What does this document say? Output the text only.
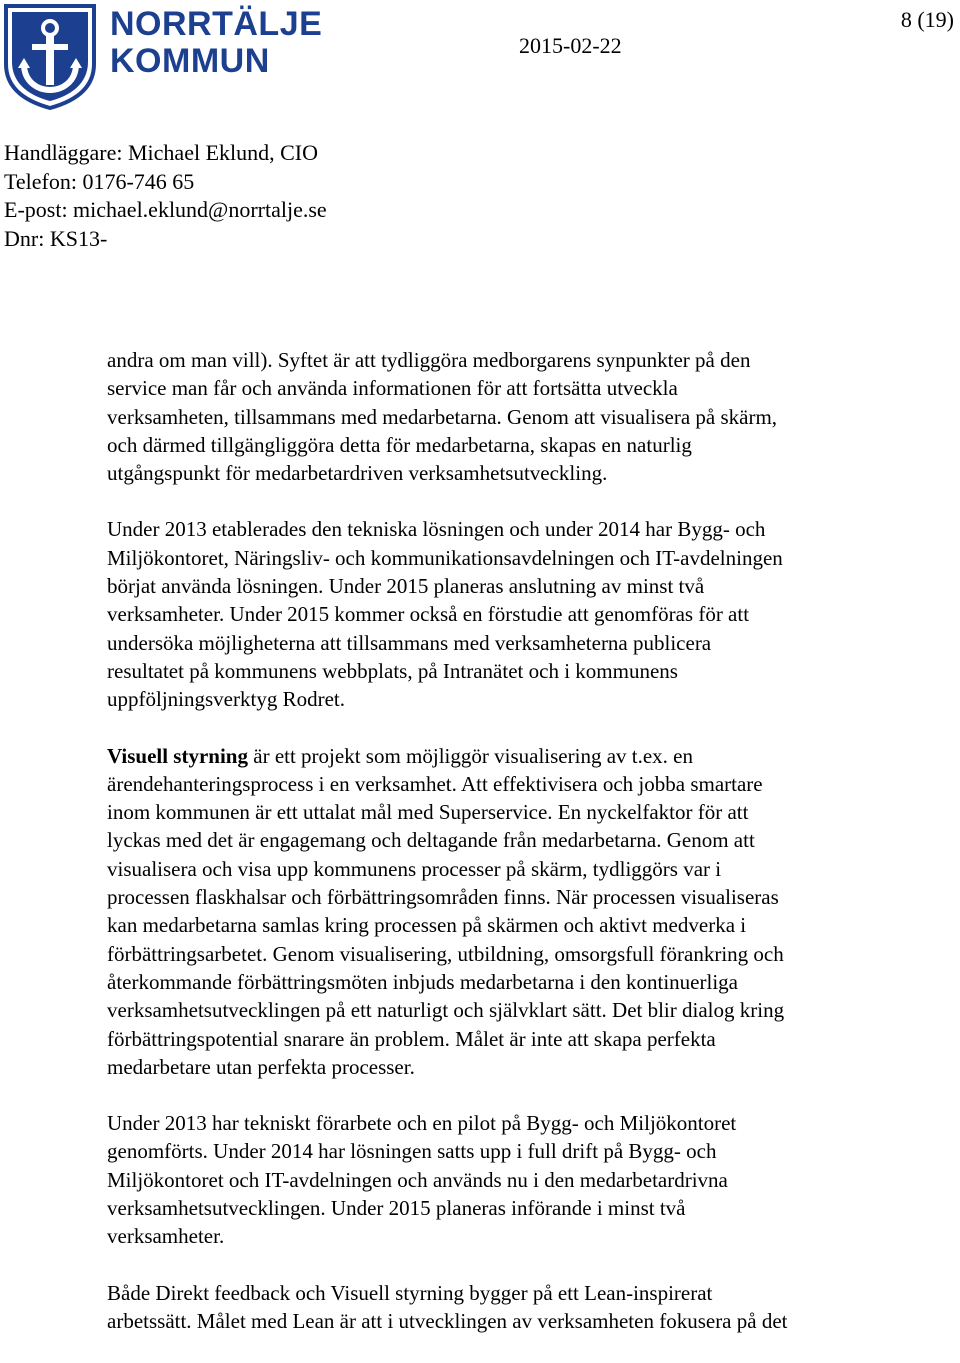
NORRTÄLJE
KOMMUN	2015-02-22
8 (19)
Handläggare: Michael Eklund, CIO
Telefon: 0176-746 65
E-post: michael.eklund@norrtalje.se
Dnr: KS13-

andra om man vill). Syftet är att tydliggöra medborgarens synpunkter på den
service man får och använda informationen för att fortsätta utveckla
verksamheten, tillsammans med medarbetarna. Genom att visualisera på skärm,
och därmed tillgängliggöra detta för medarbetarna, skapas en naturlig
utgångspunkt för medarbetardriven verksamhetsutveckling.

Under 2013 etablerades den tekniska lösningen och under 2014 har Bygg- och
Miljökontoret, Näringsliv- och kommunikationsavdelningen och IT-avdelningen
börjat använda lösningen. Under 2015 planeras anslutning av minst två
verksamheter. Under 2015 kommer också en förstudie att genomföras för att
undersöka möjligheterna att tillsammans med verksamheterna publicera
resultatet på kommunens webbplats, på Intranätet och i kommunens
uppföljningsverktyg Rodret.

Visuell styrning är ett projekt som möjliggör visualisering av t.ex. en
ärendehanteringsprocess i en verksamhet. Att effektivisera och jobba smartare
inom kommunen är ett uttalat mål med Superservice. En nyckelfaktor för att
lyckas med det är engagemang och deltagande från medarbetarna. Genom att
visualisera och visa upp kommunens processer på skärm, tydliggörs var i
processen flaskhalsar och förbättringsområden finns. När processen visualiseras
kan medarbetarna samlas kring processen på skärmen och aktivt medverka i
förbättringsarbetet. Genom visualisering, utbildning, omsorgsfull förankring och
återkommande förbättringsmöten inbjuds medarbetarna i den kontinuerliga
verksamhetsutvecklingen på ett naturligt och självklart sätt. Det blir dialog kring
förbättringspotential snarare än problem. Målet är inte att skapa perfekta
medarbetare utan perfekta processer.

Under 2013 har tekniskt förarbete och en pilot på Bygg- och Miljökontoret
genomförts. Under 2014 har lösningen satts upp i full drift på Bygg- och
Miljökontoret och IT-avdelningen och används nu i den medarbetardrivna
verksamhetsutvecklingen. Under 2015 planeras införande i minst två
verksamheter.

Både Direkt feedback och Visuell styrning bygger på ett Lean-inspirerat
arbetssätt. Målet med Lean är att i utvecklingen av verksamheten fokusera på det
